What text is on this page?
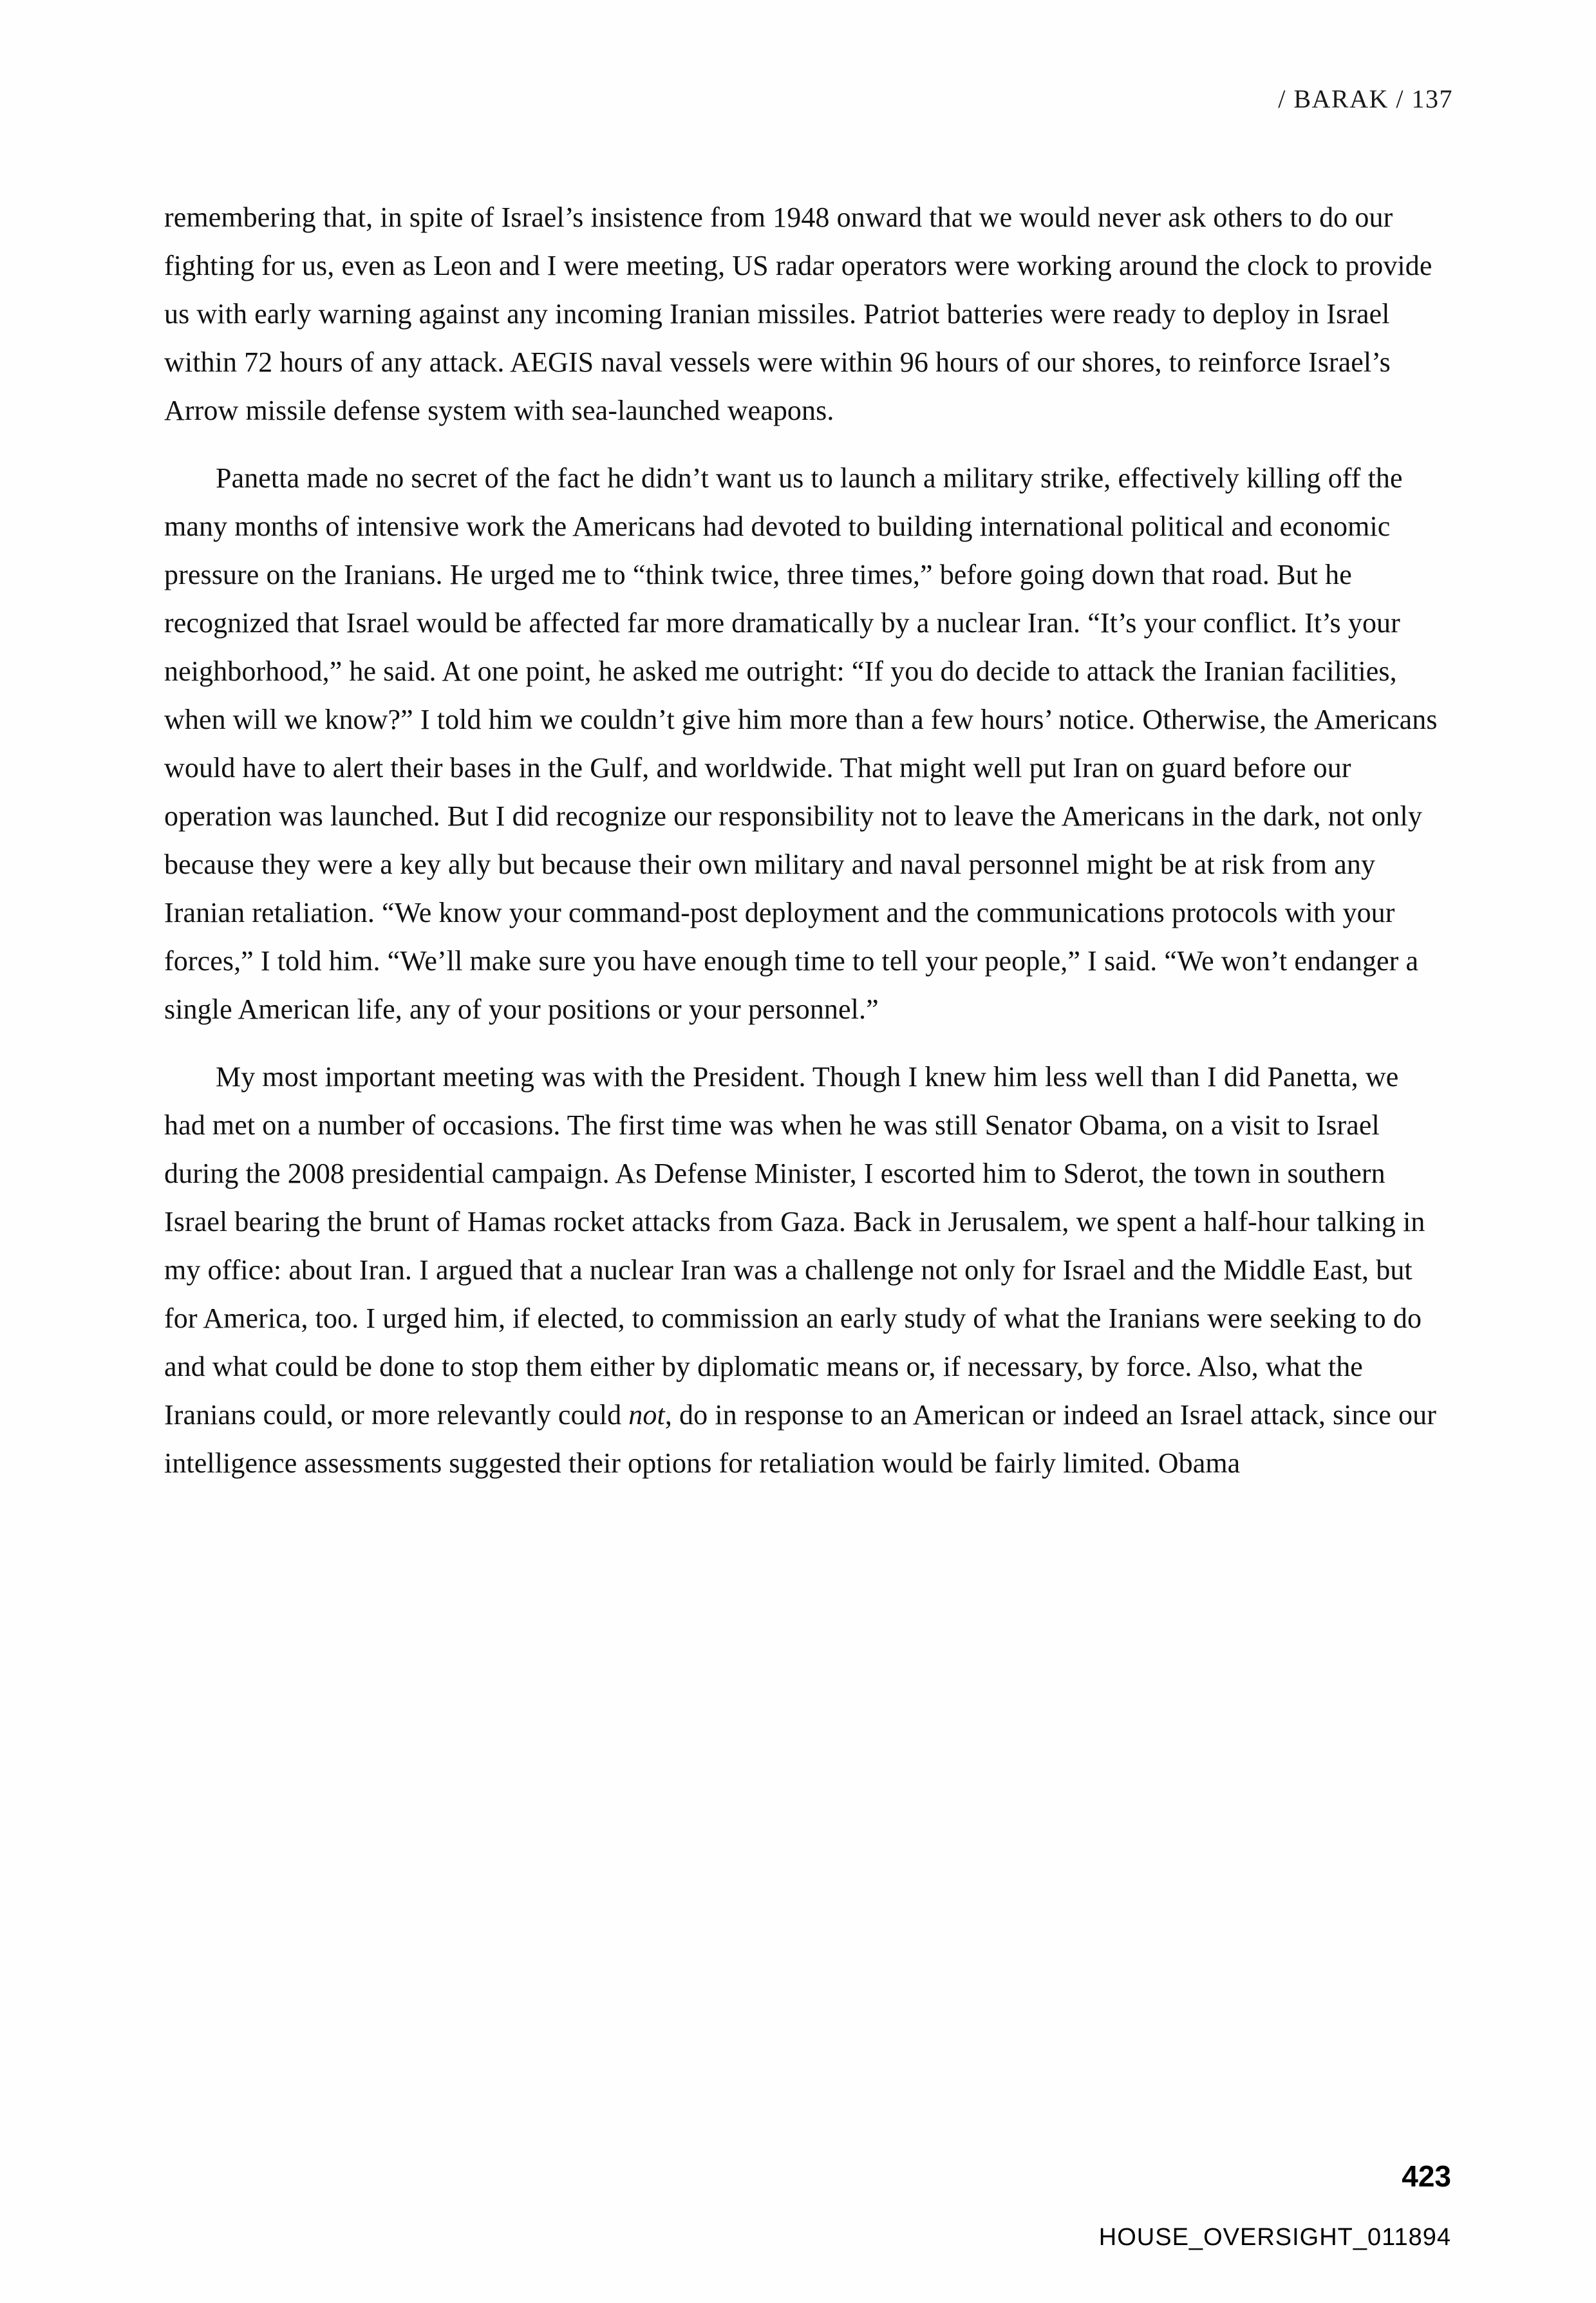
/ BARAK / 137

remembering that, in spite of Israel’s insistence from 1948 onward that we would never ask others to do our fighting for us, even as Leon and I were meeting, US radar operators were working around the clock to provide us with early warning against any incoming Iranian missiles. Patriot batteries were ready to deploy in Israel within 72 hours of any attack. AEGIS naval vessels were within 96 hours of our shores, to reinforce Israel’s Arrow missile defense system with sea-launched weapons.

Panetta made no secret of the fact he didn’t want us to launch a military strike, effectively killing off the many months of intensive work the Americans had devoted to building international political and economic pressure on the Iranians. He urged me to “think twice, three times,” before going down that road. But he recognized that Israel would be affected far more dramatically by a nuclear Iran. “It’s your conflict. It’s your neighborhood,” he said. At one point, he asked me outright: “If you do decide to attack the Iranian facilities, when will we know?” I told him we couldn’t give him more than a few hours’ notice. Otherwise, the Americans would have to alert their bases in the Gulf, and worldwide. That might well put Iran on guard before our operation was launched. But I did recognize our responsibility not to leave the Americans in the dark, not only because they were a key ally but because their own military and naval personnel might be at risk from any Iranian retaliation. “We know your command-post deployment and the communications protocols with your forces,” I told him. “We’ll make sure you have enough time to tell your people,” I said. “We won’t endanger a single American life, any of your positions or your personnel.”

My most important meeting was with the President. Though I knew him less well than I did Panetta, we had met on a number of occasions. The first time was when he was still Senator Obama, on a visit to Israel during the 2008 presidential campaign. As Defense Minister, I escorted him to Sderot, the town in southern Israel bearing the brunt of Hamas rocket attacks from Gaza. Back in Jerusalem, we spent a half-hour talking in my office: about Iran. I argued that a nuclear Iran was a challenge not only for Israel and the Middle East, but for America, too. I urged him, if elected, to commission an early study of what the Iranians were seeking to do and what could be done to stop them either by diplomatic means or, if necessary, by force. Also, what the Iranians could, or more relevantly could not, do in response to an American or indeed an Israel attack, since our intelligence assessments suggested their options for retaliation would be fairly limited. Obama

423
HOUSE_OVERSIGHT_011894
